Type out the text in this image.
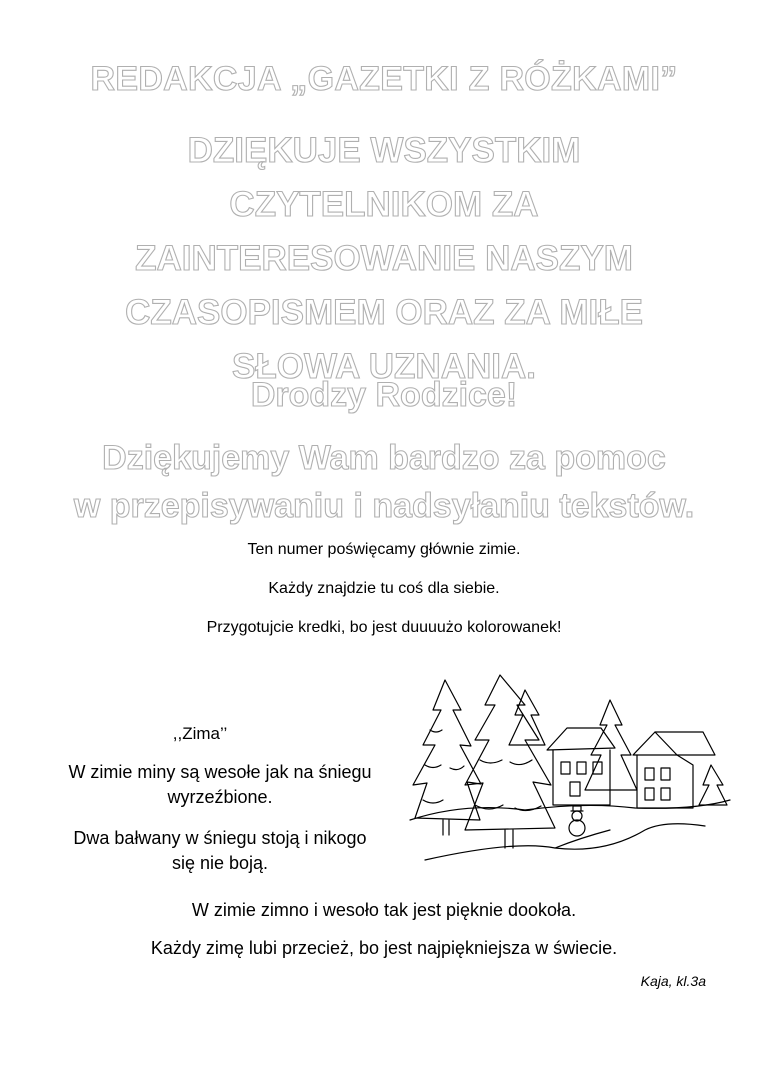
REDAKCJA „GAZETKI Z RÓŻKAMI”
DZIĘKUJE WSZYSTKIM
CZYTELNIKOM ZA
ZAINTERESOWANIE NASZYM
CZASOPISMEM ORAZ ZA MIŁE
SŁOWA UZNANIA.
Drodzy Rodzice!
Dziękujemy Wam bardzo za pomoc
w przepisywaniu i nadsyłaniu tekstów.

Ten numer poświęcamy głównie zimie.

Każdy znajdzie tu coś dla siebie.

Przygotujcie kredki, bo jest duuuużo kolorowanek!

,,Zima’’
W zimie miny są wesołe jak na śniegu
wyrzeźbione.
Dwa bałwany w śniegu stoją i nikogo
się nie boją.

W zimie zimno i wesoło tak jest pięknie dookoła.

Każdy zimę lubi przecież, bo jest najpiękniejsza w świecie.

Kaja, kl.3a
